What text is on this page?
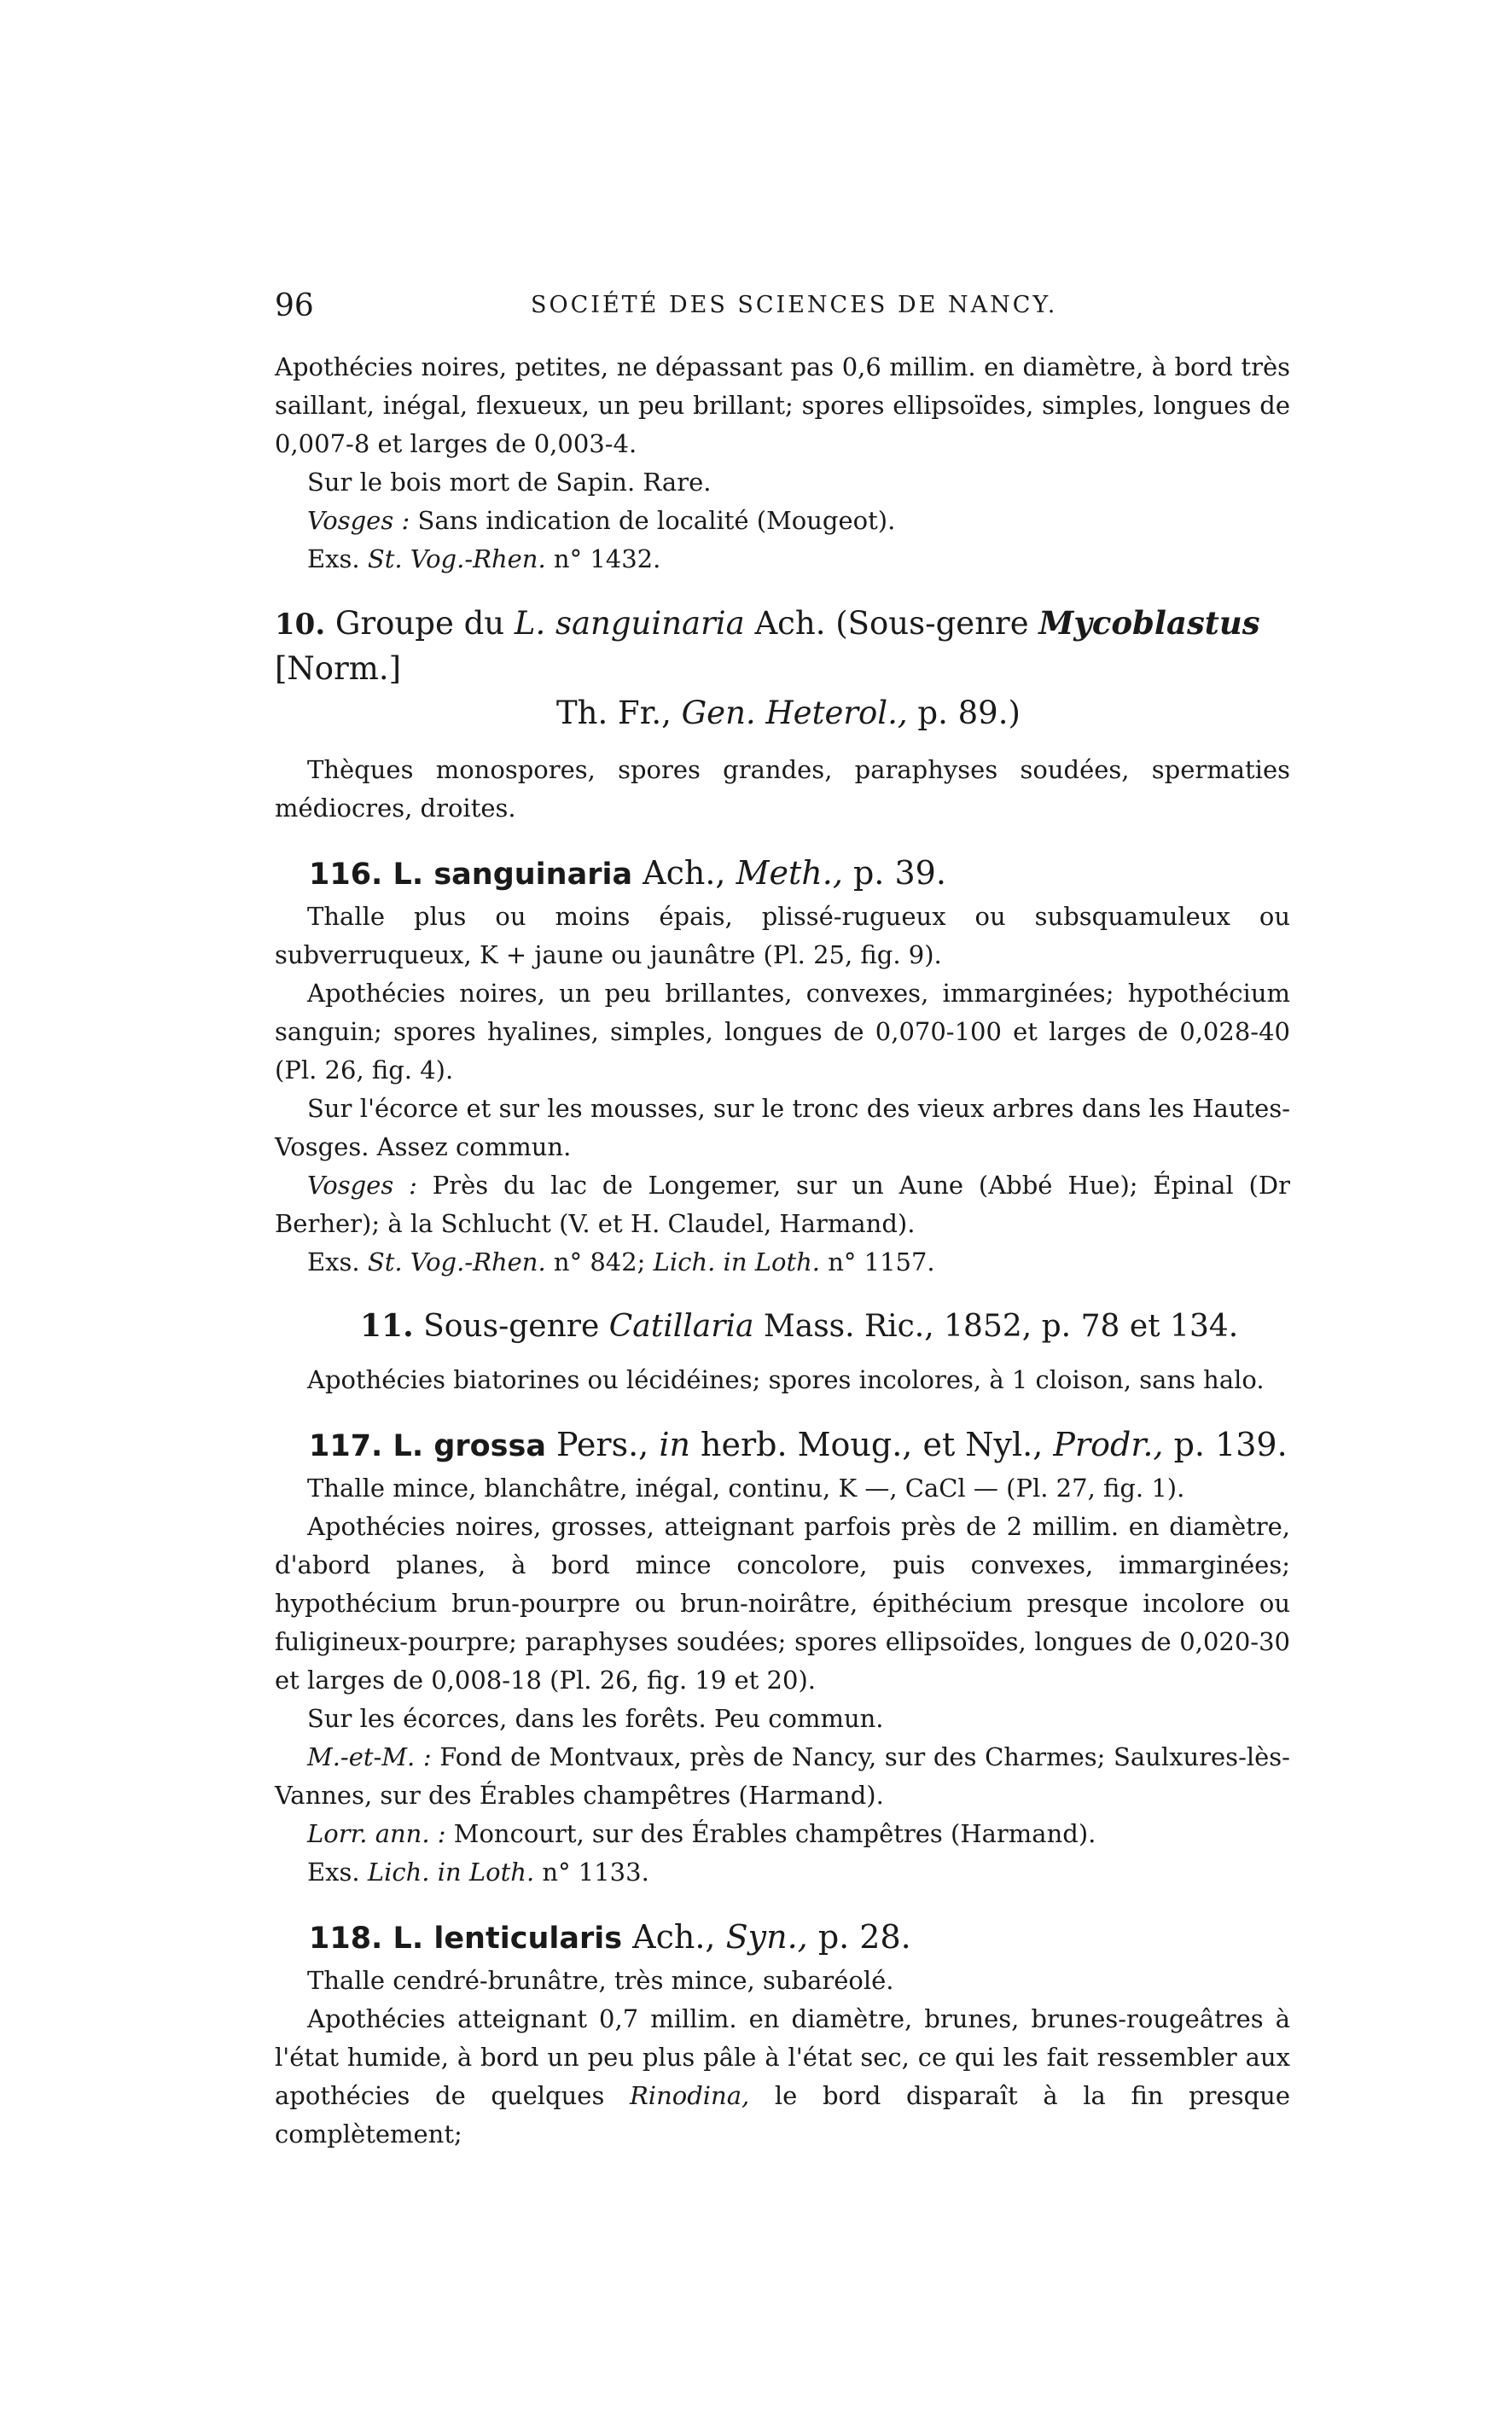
96	SOCIÉTÉ DES SCIENCES DE NANCY.

Apothécies noires, petites, ne dépassant pas 0,6 millim. en diamètre, à bord très saillant, inégal, flexueux, un peu brillant; spores ellipsoïdes, simples, longues de 0,007-8 et larges de 0,003-4.

Sur le bois mort de Sapin. Rare.

Vosges : Sans indication de localité (Mougeot).

Exs. St. Vog.-Rhen. n° 1432.

10. Groupe du L. sanguinaria Ach. (Sous-genre Mycoblastus [Norm.]
Th. Fr., Gen. Heterol., p. 89.)

Thèques monospores, spores grandes, paraphyses soudées, spermaties médiocres, droites.

116. L. sanguinaria Ach., Meth., p. 39.

Thalle plus ou moins épais, plissé-rugueux ou subsquamuleux ou subverruqueux, K + jaune ou jaunâtre (Pl. 25, fig. 9).

Apothécies noires, un peu brillantes, convexes, immarginées; hypothécium sanguin; spores hyalines, simples, longues de 0,070-100 et larges de 0,028-40 (Pl. 26, fig. 4).

Sur l'écorce et sur les mousses, sur le tronc des vieux arbres dans les Hautes-Vosges. Assez commun.

Vosges : Près du lac de Longemer, sur un Aune (Abbé Hue); Épinal (Dr Berher); à la Schlucht (V. et H. Claudel, Harmand).

Exs. St. Vog.-Rhen. n° 842; Lich. in Loth. n° 1157.

11. Sous-genre Catillaria Mass. Ric., 1852, p. 78 et 134.

Apothécies biatorines ou lécidéines; spores incolores, à 1 cloison, sans halo.

117. L. grossa Pers., in herb. Moug., et Nyl., Prodr., p. 139.

Thalle mince, blanchâtre, inégal, continu, K —, CaCl — (Pl. 27, fig. 1).

Apothécies noires, grosses, atteignant parfois près de 2 millim. en diamètre, d'abord planes, à bord mince concolore, puis convexes, immarginées; hypothécium brun-pourpre ou brun-noirâtre, épithécium presque incolore ou fuligineux-pourpre; paraphyses soudées; spores ellipsoïdes, longues de 0,020-30 et larges de 0,008-18 (Pl. 26, fig. 19 et 20).

Sur les écorces, dans les forêts. Peu commun.

M.-et-M. : Fond de Montvaux, près de Nancy, sur des Charmes; Saulxures-lès-Vannes, sur des Érables champêtres (Harmand).

Lorr. ann. : Moncourt, sur des Érables champêtres (Harmand).

Exs. Lich. in Loth. n° 1133.

118. L. lenticularis Ach., Syn., p. 28.

Thalle cendré-brunâtre, très mince, subaréolé.

Apothécies atteignant 0,7 millim. en diamètre, brunes, brunes-rougeâtres à l'état humide, à bord un peu plus pâle à l'état sec, ce qui les fait ressembler aux apothécies de quelques Rinodina, le bord disparaît à la fin presque complètement;
